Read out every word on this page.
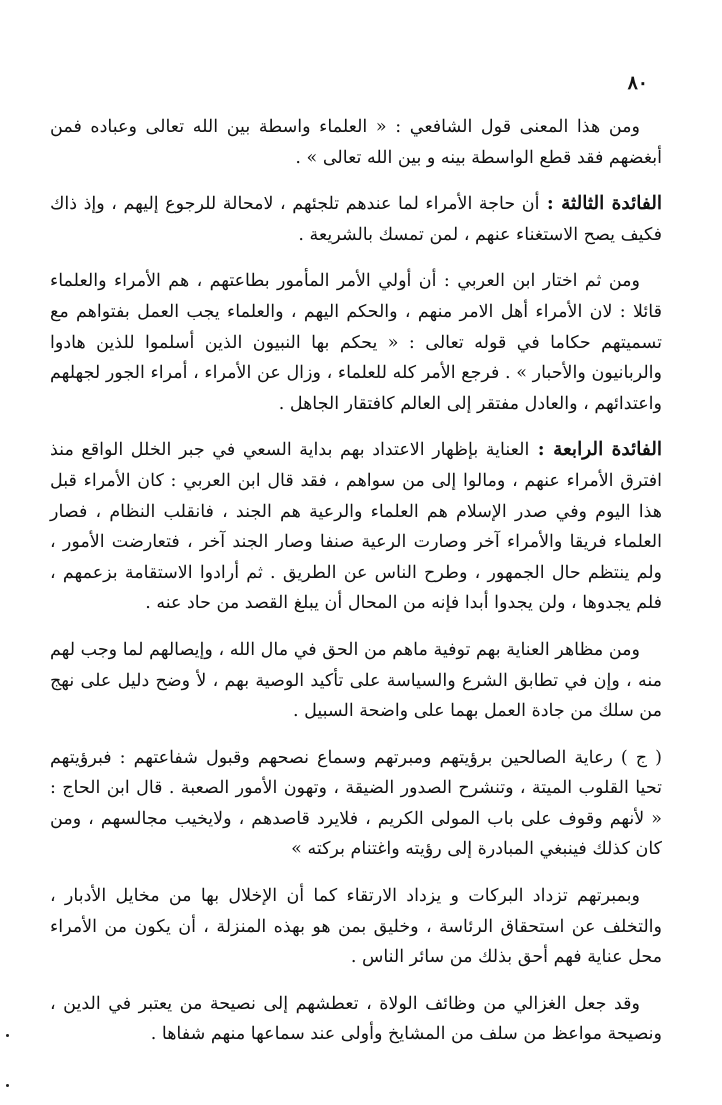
٨٠

ومن هذا المعنى قول الشافعي : « العلماء واسطة بين الله تعالى وعباده فمن أبغضهم فقد قطع الواسطة بينه و بين الله تعالى » .

الفائدة الثالثة : أن حاجة الأمراء لما عندهم تلجئهم ، لامحالة للرجوع إليهم ، وإذ ذاك فكيف يصح الاستغناء عنهم ، لمن تمسك بالشريعة .

ومن ثم اختار ابن العربي : أن أولي الأمر المأمور بطاعتهم ، هم الأمراء والعلماء قائلا : لان الأمراء أهل الامر منهم ، والحكم اليهم ، والعلماء يجب العمل بفتواهم مع تسميتهم حكاما في قوله تعالى : « يحكم بها النبيون الذين أسلموا للذين هادوا والربانيون والأحبار » . فرجع الأمر كله للعلماء ، وزال عن الأمراء ، أمراء الجور لجهلهم واعتدائهم ، والعادل مفتقر إلى العالم كافتقار الجاهل .

الفائدة الرابعة : العناية بإظهار الاعتداد بهم بداية السعي في جبر الخلل الواقع منذ افترق الأمراء عنهم ، ومالوا إلى من سواهم ، فقد قال ابن العربي : كان الأمراء قبل هذا اليوم وفي صدر الإسلام هم العلماء والرعية هم الجند ، فانقلب النظام ، فصار العلماء فريقا والأمراء آخر وصارت الرعية صنفا وصار الجند آخر ، فتعارضت الأمور ، ولم ينتظم حال الجمهور ، وطرح الناس عن الطريق . ثم أرادوا الاستقامة بزعمهم ، فلم يجدوها ، ولن يجدوا أبدا فإنه من المحال أن يبلغ القصد من حاد عنه .

ومن مظاهر العناية بهم توفية ماهم من الحق في مال الله ، وإيصالهم لما وجب لهم منه ، وإن في تطابق الشرع والسياسة على تأكيد الوصية بهم ، لأ وضح دليل على نهج من سلك من جادة العمل بهما على واضحة السبيل .

( ج ) رعاية الصالحين برؤيتهم ومبرتهم وسماع نصحهم وقبول شفاعتهم : فبرؤيتهم تحيا القلوب الميتة ، وتنشرح الصدور الضيقة ، وتهون الأمور الصعبة . قال ابن الحاج : « لأنهم وقوف على باب المولى الكريم ، فلايرد قاصدهم ، ولايخيب مجالسهم ، ومن كان كذلك فينبغي المبادرة إلى رؤيته واغتنام بركته »

وبمبرتهم تزداد البركات و يزداد الارتقاء كما أن الإخلال بها من مخايل الأدبار ، والتخلف عن استحقاق الرئاسة ، وخليق بمن هو بهذه المنزلة ، أن يكون من الأمراء محل عناية فهم أحق بذلك من سائر الناس .

وقد جعل الغزالي من وظائف الولاة ، تعطشهم إلى نصيحة من يعتبر في الدين ، ونصيحة مواعظ من سلف من المشايخ وأولى عند سماعها منهم شفاها .
